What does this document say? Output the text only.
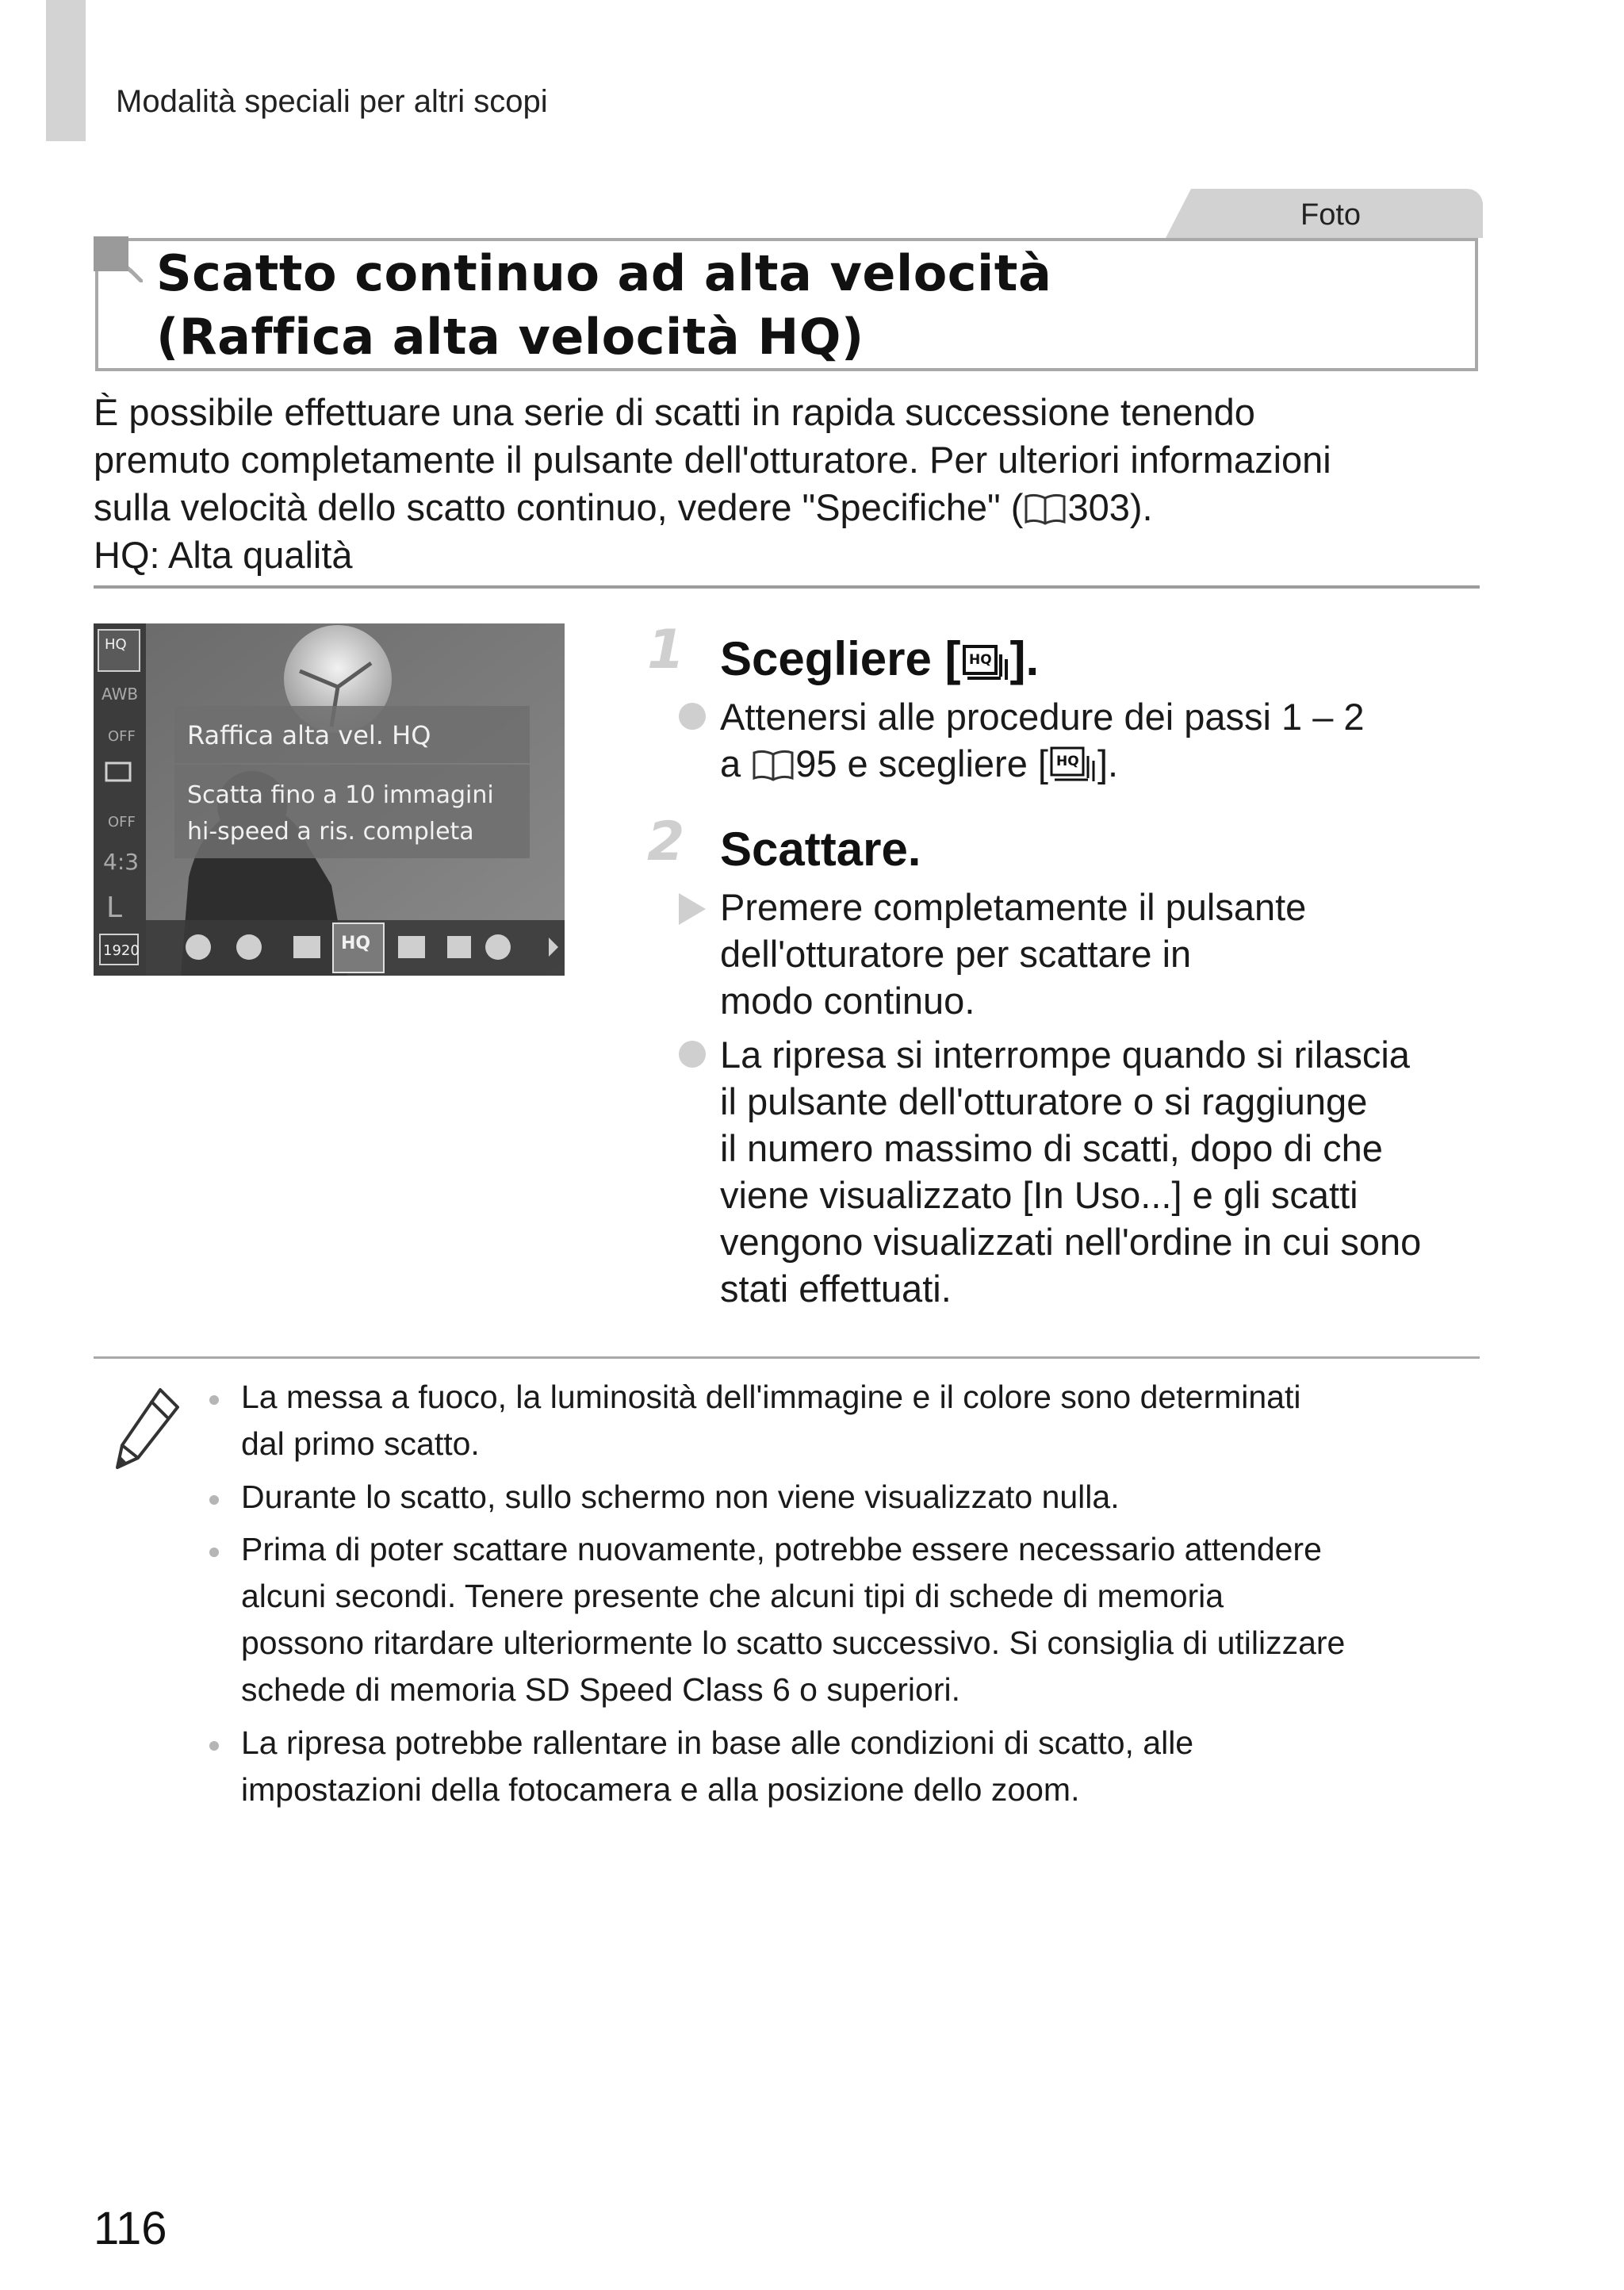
Modalità speciali per altri scopi
Foto
Scatto continuo ad alta velocità
(Raffica alta velocità HQ)

È possibile effettuare una serie di scatti in rapida successione tenendo

premuto completamente il pulsante dell'otturatore. Per ulteriori informazioni

sulla velocità dello scatto continuo, vedere "Specifiche" ( 303).

HQ: Alta qualità

HQ
AWB
OFF
OFF
4:3
L
1920
Raffica alta vel. HQ
Scatta fino a 10 immagini
hi-speed a ris. completa
HQ
1 Scegliere [ HQ ].
Attenersi alle procedure dei passi 1 – 2
a 95 e scegliere [ HQ ].
2 Scattare.
Premere completamente il pulsante
dell'otturatore per scattare in
modo continuo.
La ripresa si interrompe quando si rilascia
il pulsante dell'otturatore o si raggiunge
il numero massimo di scatti, dopo di che
viene visualizzato [In Uso...] e gli scatti
vengono visualizzati nell'ordine in cui sono
stati effettuati.
La messa a fuoco, la luminosità dell'immagine e il colore sono determinati
dal primo scatto.
Durante lo scatto, sullo schermo non viene visualizzato nulla.
Prima di poter scattare nuovamente, potrebbe essere necessario attendere
alcuni secondi. Tenere presente che alcuni tipi di schede di memoria
possono ritardare ulteriormente lo scatto successivo. Si consiglia di utilizzare
schede di memoria SD Speed Class 6 o superiori.
La ripresa potrebbe rallentare in base alle condizioni di scatto, alle
impostazioni della fotocamera e alla posizione dello zoom.
116
